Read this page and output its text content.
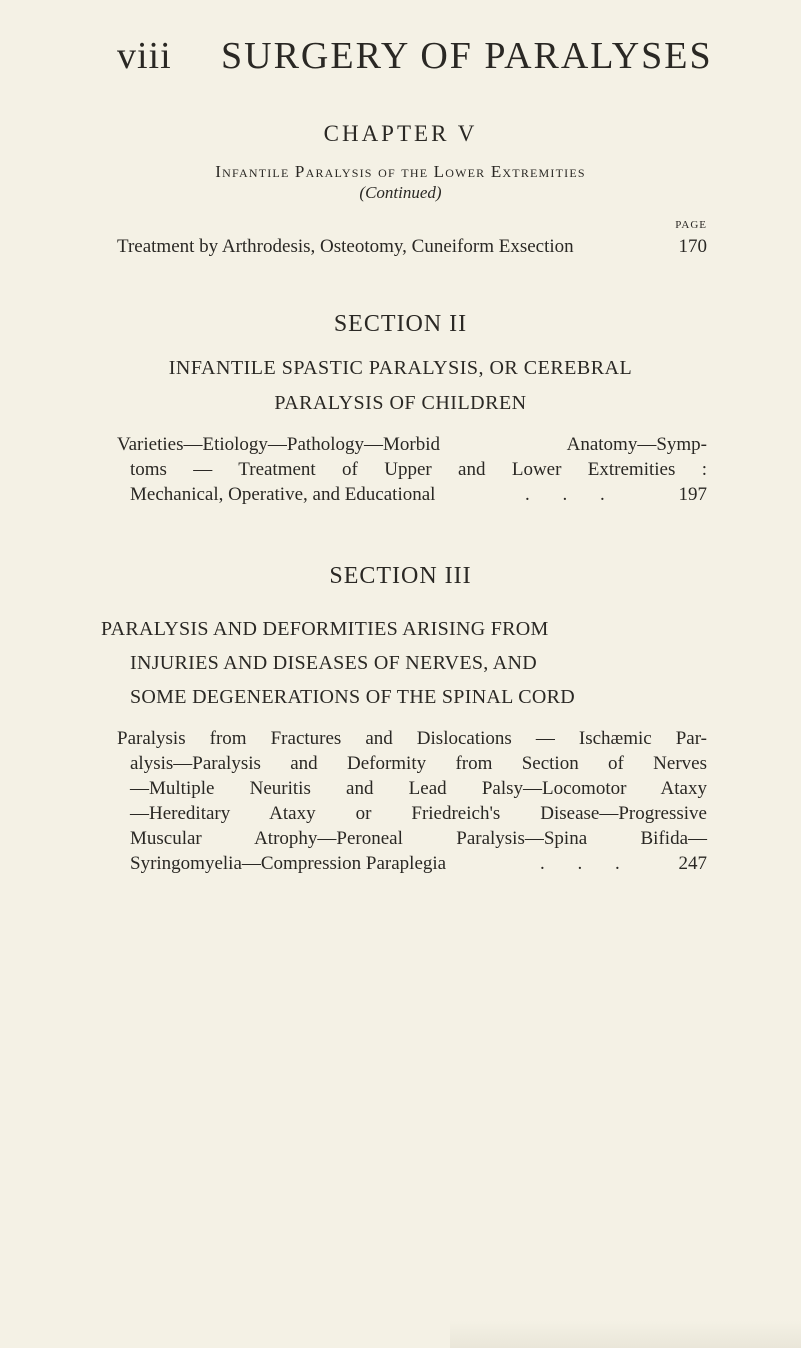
viii SURGERY OF PARALYSES
CHAPTER V
Infantile Paralysis of the Lower Extremities
(Continued)
PAGE
Treatment by Arthrodesis, Osteotomy, Cuneiform Exsection	170
SECTION II
INFANTILE SPASTIC PARALYSIS, OR CEREBRAL
PARALYSIS OF CHILDREN
Varieties—Etiology—Pathology—Morbid Anatomy—Symp-
toms — Treatment of Upper and Lower Extremities :
Mechanical, Operative, and Educational	. . .	197
SECTION III
PARALYSIS AND DEFORMITIES ARISING FROM
INJURIES AND DISEASES OF NERVES, AND
SOME DEGENERATIONS OF THE SPINAL CORD
Paralysis from Fractures and Dislocations — Ischæmic Par-
alysis—Paralysis and Deformity from Section of Nerves
—Multiple Neuritis and Lead Palsy—Locomotor Ataxy
—Hereditary Ataxy or Friedreich's Disease—Progressive
Muscular Atrophy—Peroneal Paralysis—Spina Bifida—
Syringomyelia—Compression Paraplegia	. . . 247
